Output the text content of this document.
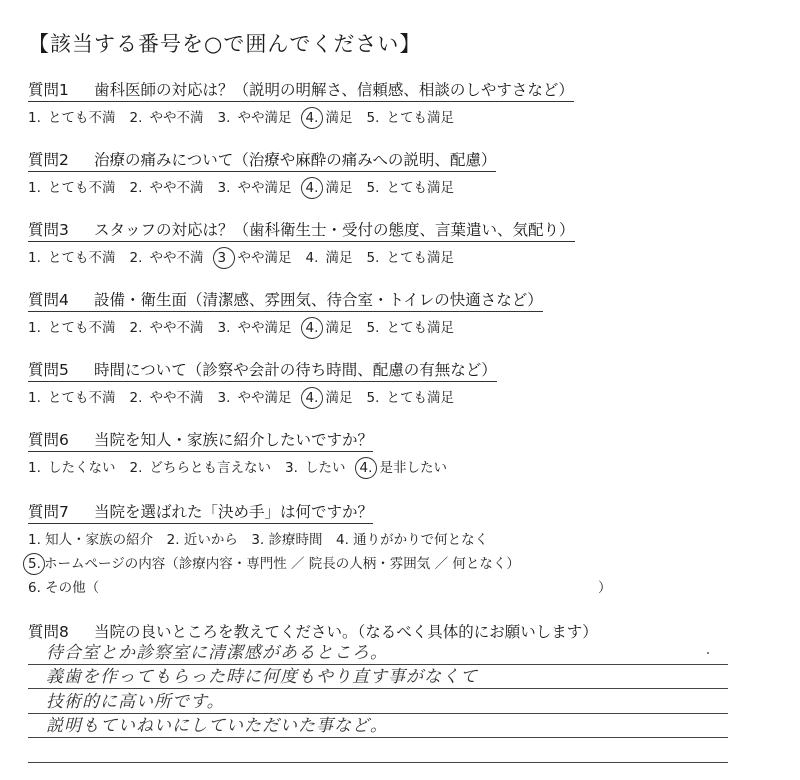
【該当する番号を○で囲んでください】
質問1 歯科医師の対応は？（説明の明解さ、信頼感、相談のしやすさなど）
1. とても不満 2. やや不満 3. やや満足 4. 満足 5. とても満足
質問2 治療の痛みについて（治療や麻酔の痛みへの説明、配慮）
1. とても不満 2. やや不満 3. やや満足 4. 満足 5. とても満足
質問3 スタッフの対応は？（歯科衛生士・受付の態度、言葉遣い、気配り）
1. とても不満 2. やや不満 3 やや満足 4. 満足 5. とても満足
質問4 設備・衛生面（清潔感、雰囲気、待合室・トイレの快適さなど）
1. とても不満 2. やや不満 3. やや満足 4. 満足 5. とても満足
質問5 時間について（診察や会計の待ち時間、配慮の有無など）
1. とても不満 2. やや不満 3. やや満足 4. 満足 5. とても満足
質問6 当院を知人・家族に紹介したいですか？
1. したくない 2. どちらとも言えない 3. したい 4. 是非したい
質問7 当院を選ばれた「決め手」は何ですか？
1. 知人・家族の紹介　2. 近いから　3. 診療時間　4. 通りがかりで何となく
5. ホームページの内容（診療内容・専門性 ／ 院長の人柄・雰囲気 ／ 何となく）
6. その他（	）
質問8 当院の良いところを教えてください。（なるべく具体的にお願いします）
待合室とか診察室に清潔感があるところ。
義歯を作ってもらった時に何度もやり直す事がなくて
技術的に高い所です。
説明もていねいにしていただいた事など。
